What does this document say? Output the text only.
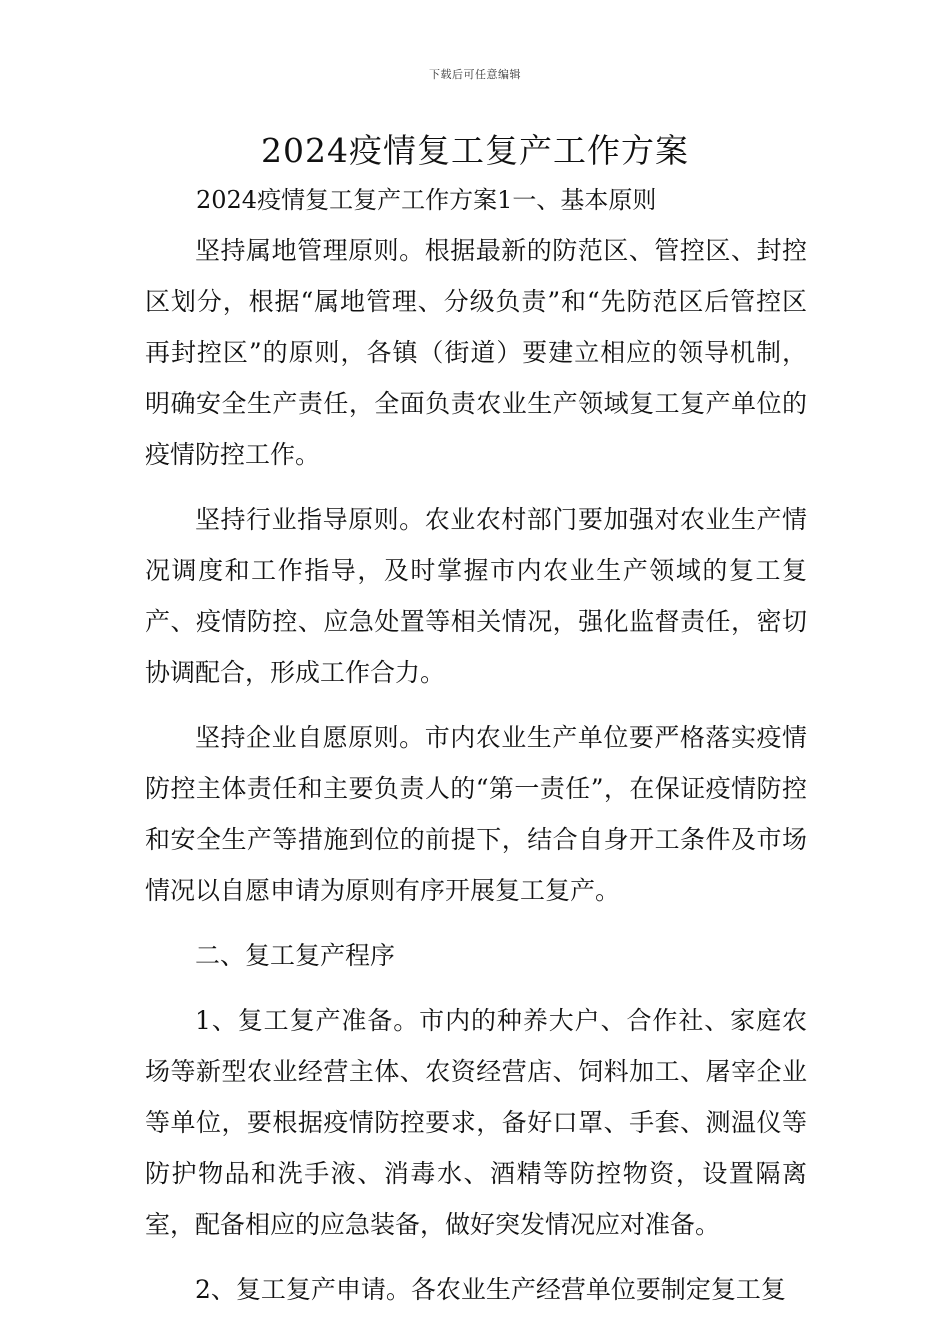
下载后可任意编辑
2024疫情复工复产工作方案
2024疫情复工复产工作方案1一、基本原则

坚持属地管理原则。根据最新的防范区、管控区、封控区划分，根据“属地管理、分级负责”和“先防范区后管控区再封控区”的原则，各镇（街道）要建立相应的领导机制，明确安全生产责任，全面负责农业生产领域复工复产单位的疫情防控工作。

坚持行业指导原则。农业农村部门要加强对农业生产情况调度和工作指导，及时掌握市内农业生产领域的复工复产、疫情防控、应急处置等相关情况，强化监督责任，密切协调配合，形成工作合力。

坚持企业自愿原则。市内农业生产单位要严格落实疫情防控主体责任和主要负责人的“第一责任”，在保证疫情防控和安全生产等措施到位的前提下，结合自身开工条件及市场情况以自愿申请为原则有序开展复工复产。

二、复工复产程序

1、复工复产准备。市内的种养大户、合作社、家庭农场等新型农业经营主体、农资经营店、饲料加工、屠宰企业等单位，要根据疫情防控要求，备好口罩、手套、测温仪等防护物品和洗手液、消毒水、酒精等防控物资，设置隔离室，配备相应的应急装备，做好突发情况应对准备。

2、复工复产申请。各农业生产经营单位要制定复工复
